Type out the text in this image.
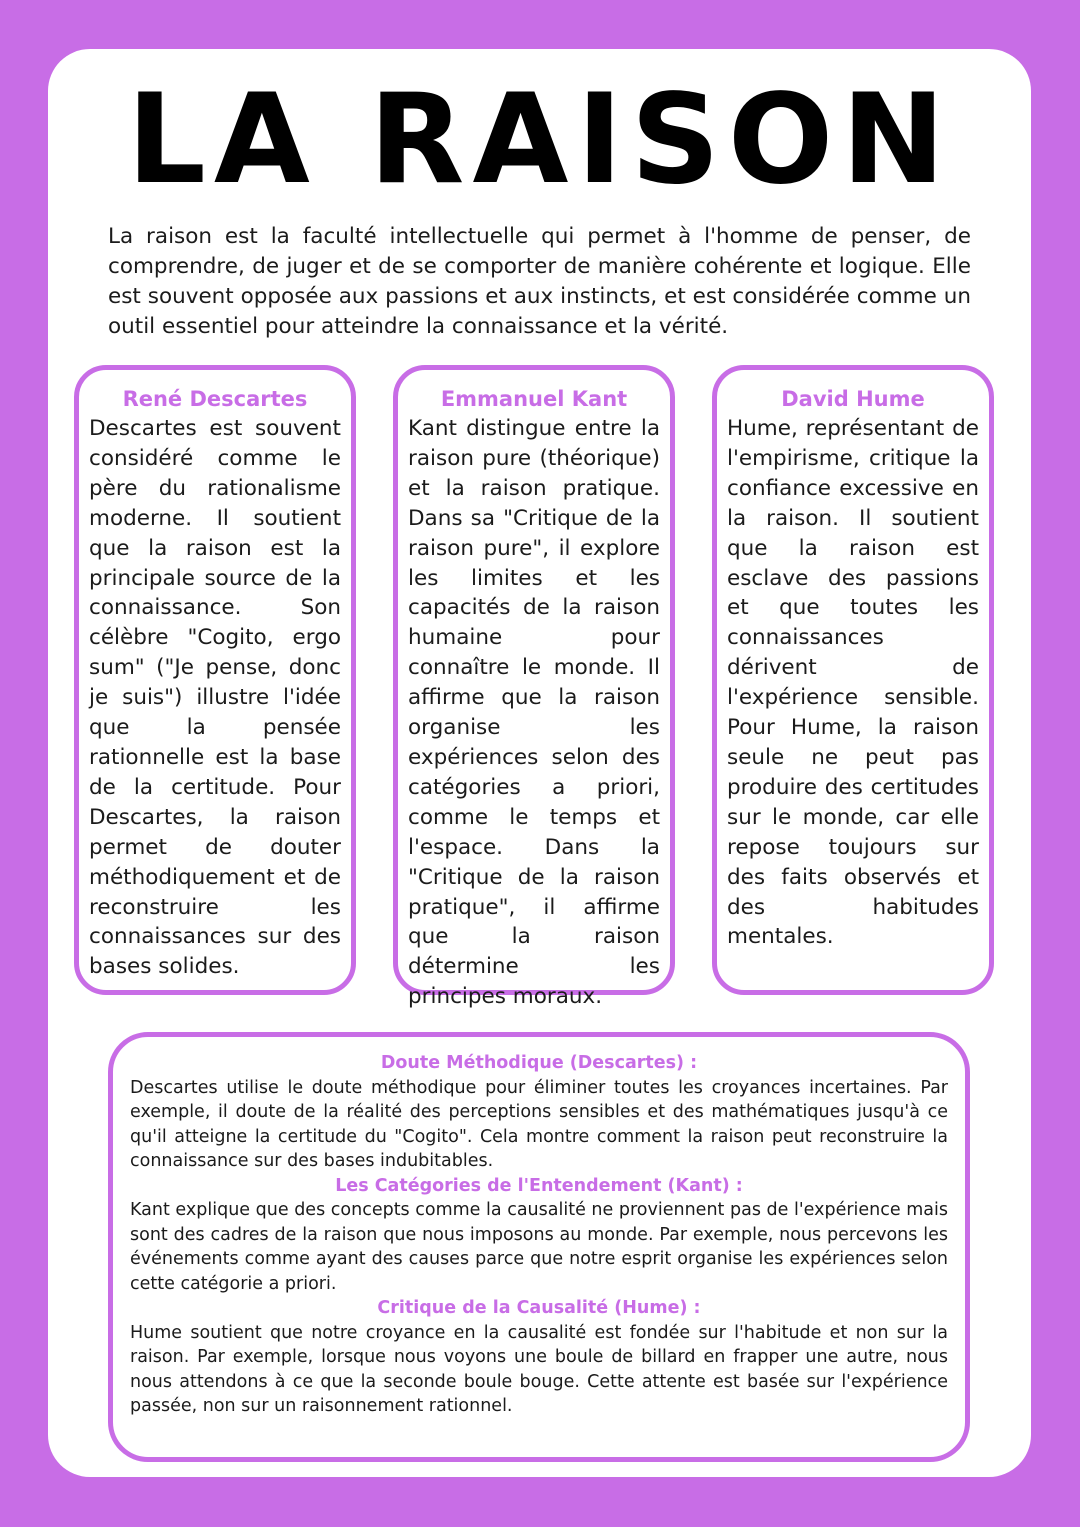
LA RAISON

La raison est la faculté intellectuelle qui permet à l'homme de penser, de comprendre, de juger et de se comporter de manière cohérente et logique. Elle est souvent opposée aux passions et aux instincts, et est considérée comme un outil essentiel pour atteindre la connaissance et la vérité.

René Descartes

Descartes est souvent considéré comme le père du rationalisme moderne. Il soutient que la raison est la principale source de la connaissance. Son célèbre "Cogito, ergo sum" ("Je pense, donc je suis") illustre l'idée que la pensée rationnelle est la base de la certitude. Pour Descartes, la raison permet de douter méthodiquement et de reconstruire les connaissances sur des bases solides.

Emmanuel Kant

Kant distingue entre la raison pure (théorique) et la raison pratique. Dans sa "Critique de la raison pure", il explore les limites et les capacités de la raison humaine pour connaître le monde. Il affirme que la raison organise les expériences selon des catégories a priori, comme le temps et l'espace. Dans la "Critique de la raison pratique", il affirme que la raison détermine les principes moraux.

David Hume

Hume, représentant de l'empirisme, critique la confiance excessive en la raison. Il soutient que la raison est esclave des passions et que toutes les connaissances dérivent de l'expérience sensible. Pour Hume, la raison seule ne peut pas produire des certitudes sur le monde, car elle repose toujours sur des faits observés et des habitudes mentales.

Doute Méthodique (Descartes) :

Descartes utilise le doute méthodique pour éliminer toutes les croyances incertaines. Par exemple, il doute de la réalité des perceptions sensibles et des mathématiques jusqu'à ce qu'il atteigne la certitude du "Cogito". Cela montre comment la raison peut reconstruire la connaissance sur des bases indubitables.

Les Catégories de l'Entendement (Kant) :

Kant explique que des concepts comme la causalité ne proviennent pas de l'expérience mais sont des cadres de la raison que nous imposons au monde. Par exemple, nous percevons les événements comme ayant des causes parce que notre esprit organise les expériences selon cette catégorie a priori.

Critique de la Causalité (Hume) :

Hume soutient que notre croyance en la causalité est fondée sur l'habitude et non sur la raison. Par exemple, lorsque nous voyons une boule de billard en frapper une autre, nous nous attendons à ce que la seconde boule bouge. Cette attente est basée sur l'expérience passée, non sur un raisonnement rationnel.
